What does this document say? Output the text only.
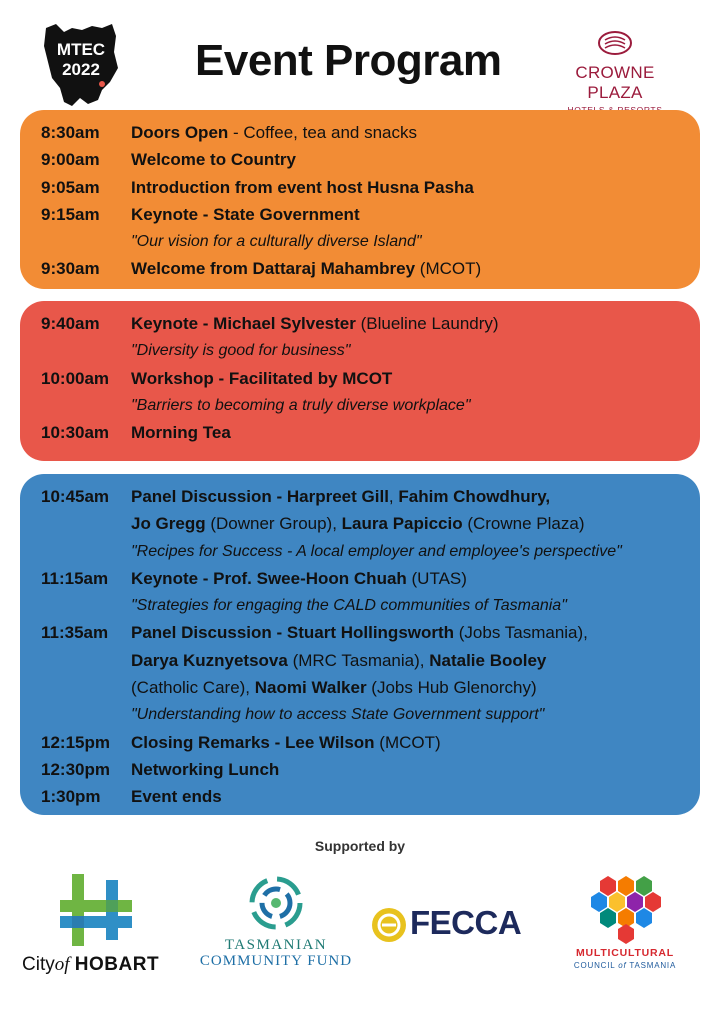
MTEC
2022 Event Program	CROWNE PLAZA
8:30am	Doors Open - Coffee, tea and snacks
9:00am	Welcome to Country
9:05am	Introduction from event host Husna Pasha
9:15am	Keynote - State Government
"Our vision for a culturally diverse Island"
9:30am	Welcome from Dattaraj Mahambrey (MCOT)
9:40am	Keynote - Michael Sylvester (Blueline Laundry)
"Diversity is good for business"
10:00am	Workshop - Facilitated by MCOT
"Barriers to becoming a truly diverse workplace"
10:30am	Morning Tea
10:45am	Panel Discussion - Harpreet Gill, Fahim Chowdhury,
Jo Gregg (Downer Group), Laura Papiccio (Crowne Plaza)
"Recipes for Success - A local employer and employee's perspective"
11:15am	Keynote - Prof. Swee-Hoon Chuah (UTAS)
"Strategies for engaging the CALD communities of Tasmania"
11:35am	Panel Discussion - Stuart Hollingsworth (Jobs Tasmania),
Darya Kuznyetsova (MRC Tasmania), Natalie Booley
(Catholic Care), Naomi Walker (Jobs Hub Glenorchy)
"Understanding how to access State Government support"
12:15pm	Closing Remarks - Lee Wilson (MCOT)
12:30pm	Networking Lunch
1:30pm	Event ends
Supported by
Cityof HOBART
TASMANIAN
COMMUNITY FUND
FECCA
MULTICULTURAL
COUNCIL of TASMANIA
